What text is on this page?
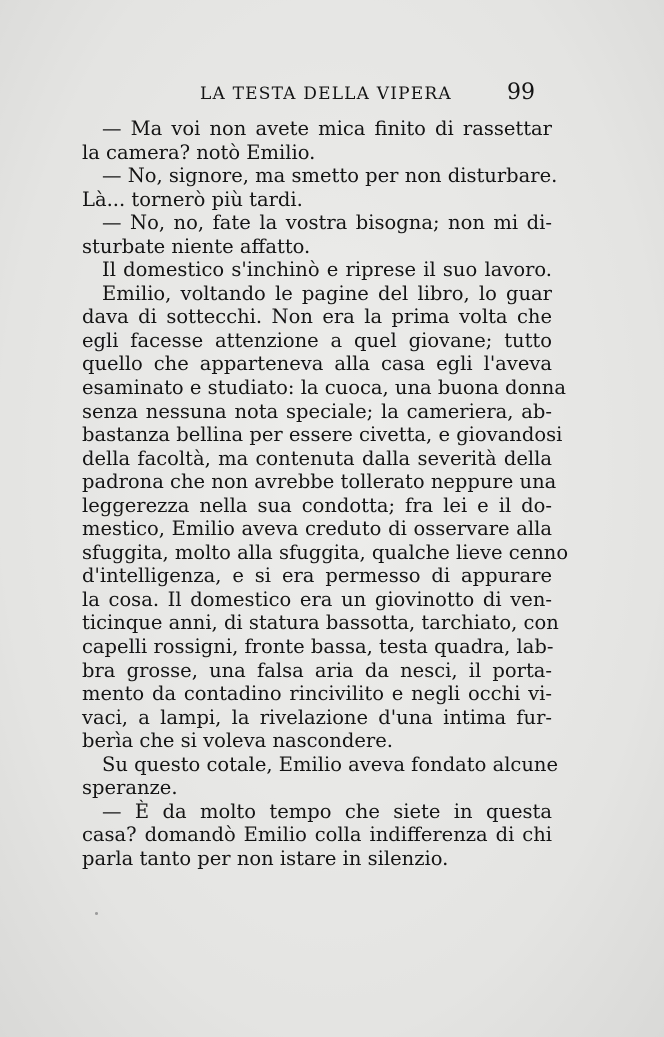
LA TESTA DELLA VIPERA	99
— Ma voi non avete mica finito di rassettar
la camera? notò Emilio.
— No, signore, ma smetto per non disturbare.
Là... tornerò più tardi.
— No, no, fate la vostra bisogna; non mi di-
sturbate niente affatto.
Il domestico s'inchinò e riprese il suo lavoro.
Emilio, voltando le pagine del libro, lo guar
dava di sottecchi. Non era la prima volta che
egli facesse attenzione a quel giovane; tutto
quello che apparteneva alla casa egli l'aveva
esaminato e studiato: la cuoca, una buona donna
senza nessuna nota speciale; la cameriera, ab-
bastanza bellina per essere civetta, e giovandosi
della facoltà, ma contenuta dalla severità della
padrona che non avrebbe tollerato neppure una
leggerezza nella sua condotta; fra lei e il do-
mestico, Emilio aveva creduto di osservare alla
sfuggita, molto alla sfuggita, qualche lieve cenno
d'intelligenza, e si era permesso di appurare
la cosa. Il domestico era un giovinotto di ven-
ticinque anni, di statura bassotta, tarchiato, con
capelli rossigni, fronte bassa, testa quadra, lab-
bra grosse, una falsa aria da nesci, il porta-
mento da contadino rincivilito e negli occhi vi-
vaci, a lampi, la rivelazione d'una intima fur-
berìa che si voleva nascondere.
Su questo cotale, Emilio aveva fondato alcune
speranze.
— È da molto tempo che siete in questa
casa? domandò Emilio colla indifferenza di chi
parla tanto per non istare in silenzio.
